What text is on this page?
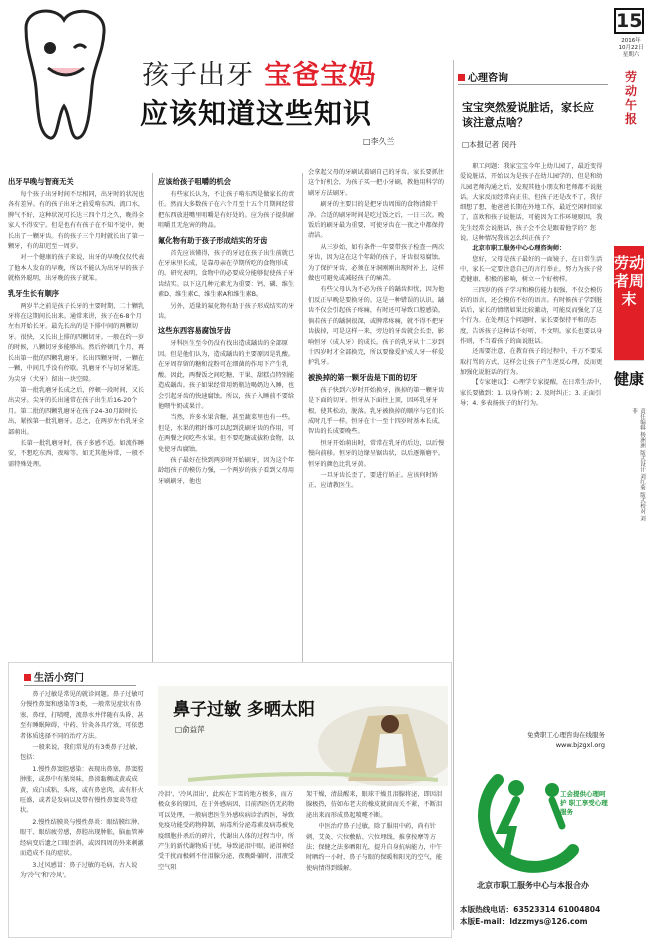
孩子出牙 宝爸宝妈
应该知道这些知识
□李久兰
出牙早晚与智商无关

每个孩子出牙时间不尽相同，出牙时的状况也各有差异。有的孩子出牙之前爱啃东西、流口水，脾气不好，这种状况可长达三四个月之久，晚得全家人不得安宁。但是也有有孩子在不知不觉中，便长出了一颗牙齿。有的孩子三个月时就长出了第一颗牙，有的却迟至一周岁。

对一个健康的孩子来说，出牙的早晚仅仅代表了他本人发育的早晚，所以不能认为出牙早的孩子就格外聪明，出牙晚的孩子就笨。

乳牙生长有顺序

两岁半之前是孩子长牙的主要时期，二十颗乳牙将在这期间长出来。通常来讲，孩子在6-8个月左右开始长牙。最先长出的是下排中间的两颗切牙。很快，又长出上排的四颗切牙。一般在约一岁的时候，八颗切牙多能够出。然后停顿几个月，再长出第一批的四颗乳磨牙。长出四颗牙时，一颗在一颗，中间几乎没有停歇。乳磨牙不与切牙紧连，为尖牙（犬牙）留出一块空隙。

第一批乳磨牙长成之后，停顿一段时间，又长出尖牙。尖牙的长出通常在孩子出生后16-20个月。第二批的四颗乳磨牙在孩子24-30月龄时长出，紧挨第一批乳磨牙。总之，在两岁左右乳牙全部萌出。

长第一批乳磨牙时，孩子多感不适。如流作睡安，不想吃东西，夜啼等。如无其他异常，一般不需特殊处理。

应该给孩子咀嚼的机会

有些家长认为，不让孩子啃东西是做家长的责任。然而大多数孩子在六个月至十五个月期间经常把东西放进嘴里咀嚼是有好处的。应为孩子提供耐咀嚼且无危害的物品。

氟化物有助于孩子形成结实的牙齿

首先应该懂得，孩子的牙冠在孩子出生前就已在牙床里长成，是靠母亲在孕期所吃的食物形成的。研究表明，食物中的必要成分能够促使孩子牙齿结实。以下这几种元素尤为重要：钙、磷、维生素D、维生素C、维生素A和维生素B。

另外，适量的氟化物有助于孩子形成结实的牙齿。

这些东西容易腐蚀牙齿

牙科医生至今仍没有找出造成龋齿的全部原因。但是他们认为，造成龋齿的主要原因是乳酸。在牙周存留的糖和淀粉可在细菌的作用下产生乳酸。因此，两餐饭之间吃糖、干果、甜糕点特别能造成龋齿。孩子如果经常用奶瓶边喝奶边入睡，也会引起牙齿的快速腐蚀。所以，孩子入睡前不要给他喂牛奶或果汁。

当然，许多水果含糖，甚至蔬菜里也有一些。但是，水果的粗纤维可以起到洗刷牙齿的作用，可在两餐之间吃些水果。但不要吃糖或拔粉食物，以免使牙齿腐蚀。

孩子最好在快到两岁时开始刷牙，因为这个年龄组孩子的模仿力强，一个两岁的孩子看到父母用牙刷刷牙，他也

会拿起父母的牙刷试着刷自己的牙齿。家长要抓住这个好机会，为孩子买一把小牙刷，教他用科学的刷牙方法刷牙。

刷牙的主要目的是把牙齿周围的食物清除干净。合适的刷牙时间是吃过饭之后，一日三次。晚饭后的刷牙最为重要，可使牙齿在一夜之中都保持清洁。

从三岁始，如有条件一年要带孩子检查一两次牙齿，因为这在这个年龄的孩子，牙齿很易腐蚀。为了保护牙齿，必须在牙洞刚刚出现时补上，这样做也可避免或减轻孩子的痛苦。

有些父母认为不必为孩子的龋齿担忧，因为他们反正早晚是要换牙的。这是一种错误的认识。龋齿不仅会引起孩子疼痛，有时还可导致口腔感染。倘若孩子的龋洞很深，或脾常疼痛，就不得不把牙齿拔掉，可是这样一来，旁边的牙齿就会长歪，影响恒牙（成人牙）的成长。孩子的乳牙从十二岁到十四岁时才全部换完，所以要像爱护成人牙一样爱护乳牙。

被换掉的第一颗牙齿是下面的切牙

孩子快到六岁时开始换牙，换掉的第一颗牙齿是下面的切牙。恒牙从下面往上顶，因环乳牙牙根，使其松动，脱落。乳牙被换掉的顺序与它们长成时几乎一样。恒牙在十一至十四岁时基本长成，智齿的长成要晚些。

恒牙开始萌出时，常常在乳牙的后边，以后慢慢向前移。恒牙的边缘呈锯齿状，以后逐渐磨平。恒牙的颜色比乳牙黄。

一旦牙齿长歪了，要进行矫正。应该何时矫正，应请教医生。

15
2016年
10月22日
星期六
劳动午报
劳动者周末
健康
责任编辑 杨洲洲 版式设计 刘红菊 版式校对 刘 菲
心理咨询
宝宝突然爱说脏话，家长应该注意点啥？
□本报记者 闵丹

职工问题：我家宝宝今年上幼儿园了，最近变得爱说脏话，开始以为是孩子在幼儿园学的，但是和幼儿园老师沟通之后，发现其他小朋友和老师都不说脏话。大家反而经常向正佳，但孩子还是改不了，我仔细想了想，他爸爸长期在外地工作，最近空闲时回家了，喜欢和孩子说脏话，可能因为工作环境原因，我先生经常会说脏话，孩子会不会是跟着他学的？您说，这种情况我该怎么纠正孩子？

北京市职工服务中心心理咨询师：

您好，父母是孩子最好的一面镜子，在日常生活中，家长一定要注意自己的言行举止，努力为孩子营造健康、积极的影响，树立一个好榜样。

三四岁的孩子学习和模仿能力很强，不仅会模仿好的语言，还会模仿不好的语言。有时候孩子学到脏话后，家长的情绪如果比较激动，可能反而强化了这个行为。在处理这个问题时，家长要保持平和的态度，告诉孩子这种话不好听、不文明。家长也要以身作则，不当着孩子的面说脏话。

还需要注意，在教育孩子的过程中，千万不要采取打骂的方式，这样会让孩子产生逆反心理，反而更加强化说脏话的行为。

【专家建议】：心理学专家提醒，在日常生活中，家长要做到：1. 以身作则；2. 及时纠正；3. 正面引导；4. 多表扬孩子的好行为。

免费职工心理咨询在线服务
www.bjzgxl.org
工会提供心理呵护 职工享受心理服务
北京市职工服务中心与本报合办
本版热线电话：63523314 61004804
本版E-mail：ldzzmys@126.com
生活小窍门

鼻子过敏是常见的就诊问题。鼻子过敏可分慢性鼻窦和感染等3类，一般常见症状有鼻塞、鼻痒，打喷嚏，流鼻水并伴随有头昏、甚至有睡眠障碍，中药、针灸各具疗效，可依患者体质选择不同的治疗方法。

一般来说，我们常见的有3类鼻子过敏，包括：

1.慢性鼻窦腔感染：表现出鼻塞，鼻窦腔肿胀，或鼻中有脓臭味，鼻涕黏稠或黄或成黄，成白成粘，头疼，或有鼻息肉，或有肝火旺盛，或者是发病以及带有慢性鼻窦炎等症状。

2.慢性结膜炎与慢性鼻炎：眼结膜红肿、眼干、眼结疲劳感，鼻腔出现肿胀，脑血管神经病变后遗之口眼歪斜，或因四周的外来刺激而造成不良的症状。

3.过风感冒：鼻子过敏的毛病，古人说为'冷气'和'冷风'。

鼻子过敏 多晒太阳
□俞益萍

冷泪'、'冷风泪出'，此疾在下雪的地方极多，而方极众多的原因，在于外感病因，目前西医仍无药物可以处理，一般病患医生外感疾病诊治西医，导致免疫功能受药物抑制，病毒所分泌毒素及病毒被免疫细胞扑杀后的碎片，代谢出人体的过程当中，所产生的新代谢物质于忧，导致泌泪中眼，泌泪神经受干扰而极刺不住泪腺分泌，夜晚卧躺时，泪液受空气阻

架干燥，清晨醒来，眼球干燥且泪腺将泌，即因泪腺极热，仿如布老夫的橡皮就窗而关不紧，不断泪泌出来而形成鼻起喷嚏不断。

中医治疗鼻子过敏，除了服用中药，尚有针刺、艾灸、穴位敷贴、穴位埋线、推拿按摩等方法；保健之法多晒阳光，提升自身抗病能力，中午时晒约一小时，鼻子与眼的保暖和阳光的空气，能使病情得到缓解。
